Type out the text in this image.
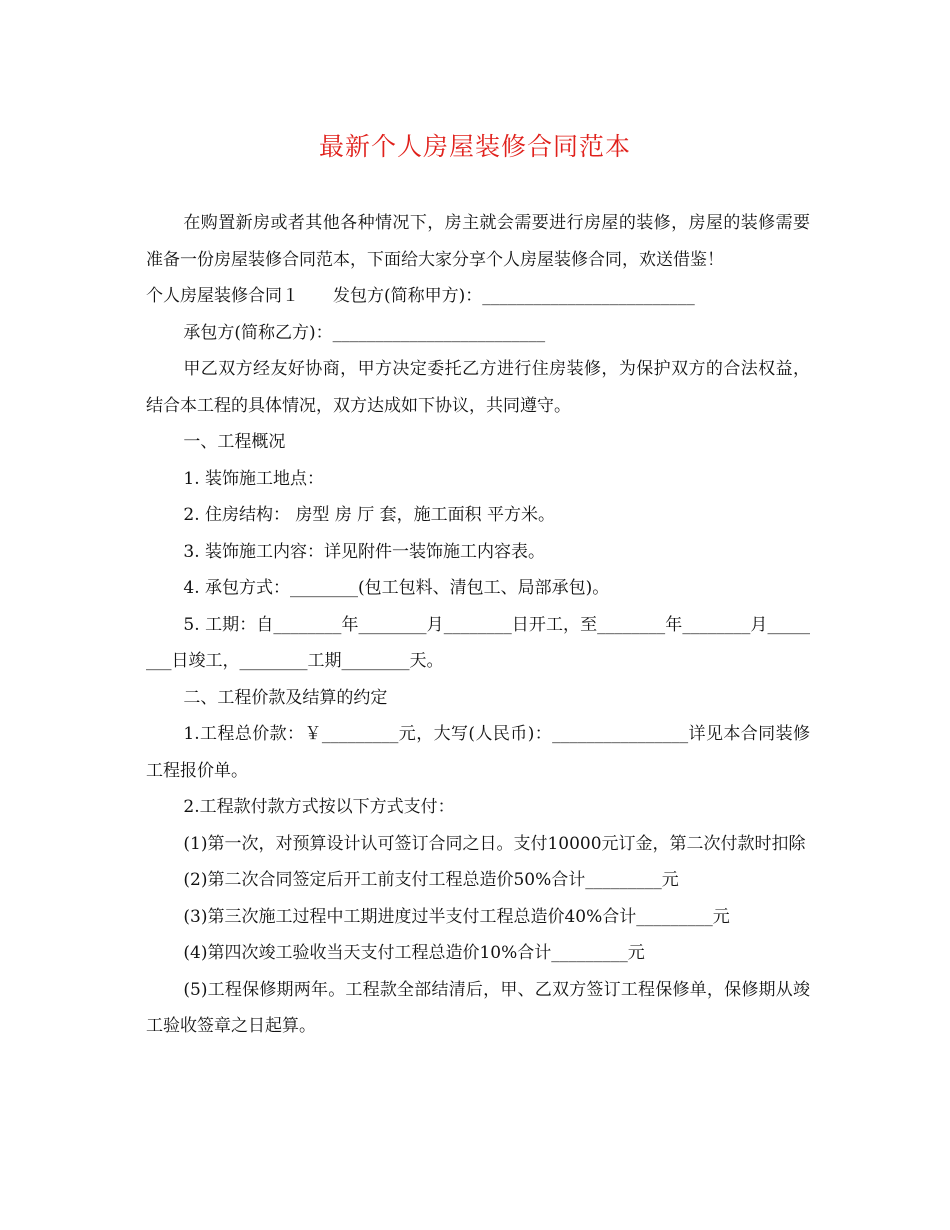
最新个人房屋装修合同范本

在购置新房或者其他各种情况下，房主就会需要进行房屋的装修，房屋的装修需要准备一份房屋装修合同范本，下面给大家分享个人房屋装修合同，欢送借鉴！

个人房屋装修合同１　　发包方(简称甲方)：_________________________

承包方(简称乙方)：_________________________

甲乙双方经友好协商，甲方决定委托乙方进行住房装修，为保护双方的合法权益，结合本工程的具体情况，双方达成如下协议，共同遵守。

一、工程概况

1. 装饰施工地点：

2. 住房结构： 房型 房 厅 套，施工面积 平方米。

3. 装饰施工内容：详见附件一装饰施工内容表。

4. 承包方式：________(包工包料、清包工、局部承包)。

5. 工期：自________年________月________日开工，至________年________月________日竣工，________工期________天。

二、工程价款及结算的约定

1.工程总价款：￥_________元，大写(人民币)：________________详见本合同装修工程报价单。

2.工程款付款方式按以下方式支付：

(1)第一次，对预算设计认可签订合同之日。支付10000元订金，第二次付款时扣除

(2)第二次合同签定后开工前支付工程总造价50%合计_________元

(3)第三次施工过程中工期进度过半支付工程总造价40%合计_________元

(4)第四次竣工验收当天支付工程总造价10%合计_________元

(5)工程保修期两年。工程款全部结清后，甲、乙双方签订工程保修单，保修期从竣工验收签章之日起算。
